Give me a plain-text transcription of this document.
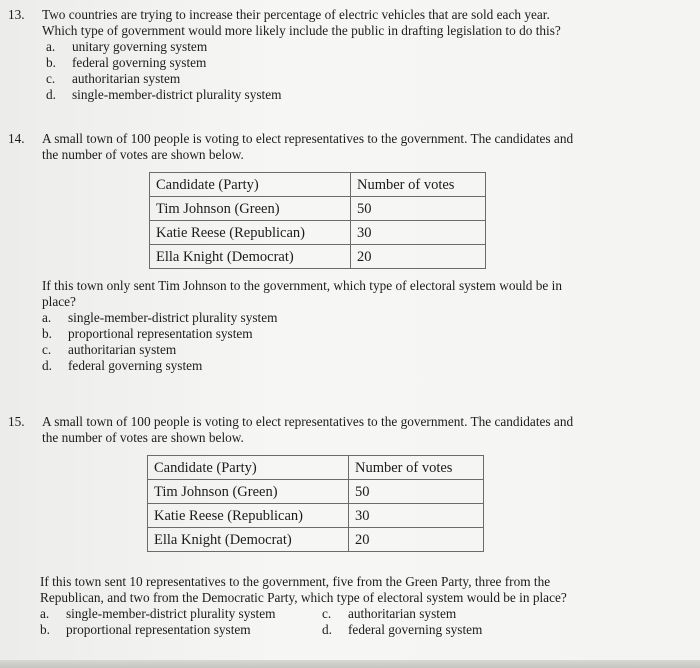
13. Two countries are trying to increase their percentage of electric vehicles that are sold each year.
Which type of government would more likely include the public in drafting legislation to do this?
a.	unitary governing system
b.	federal governing system
c.	authoritarian system
d.	single-member-district plurality system
14. A small town of 100 people is voting to elect representatives to the government. The candidates and
the number of votes are shown below.
Candidate (Party)	Number of votes
Tim Johnson (Green)	50
Katie Reese (Republican)	30
Ella Knight (Democrat)	20
If this town only sent Tim Johnson to the government, which type of electoral system would be in
place?
a.	single-member-district plurality system
b.	proportional representation system
c.	authoritarian system
d.	federal governing system
15. A small town of 100 people is voting to elect representatives to the government. The candidates and
the number of votes are shown below.
Candidate (Party)	Number of votes
Tim Johnson (Green)	50
Katie Reese (Republican)	30
Ella Knight (Democrat)	20
If this town sent 10 representatives to the government, five from the Green Party, three from the
Republican, and two from the Democratic Party, which type of electoral system would be in place?
a.	single-member-district plurality system	c.	authoritarian system
b.	proportional representation system	d.	federal governing system
